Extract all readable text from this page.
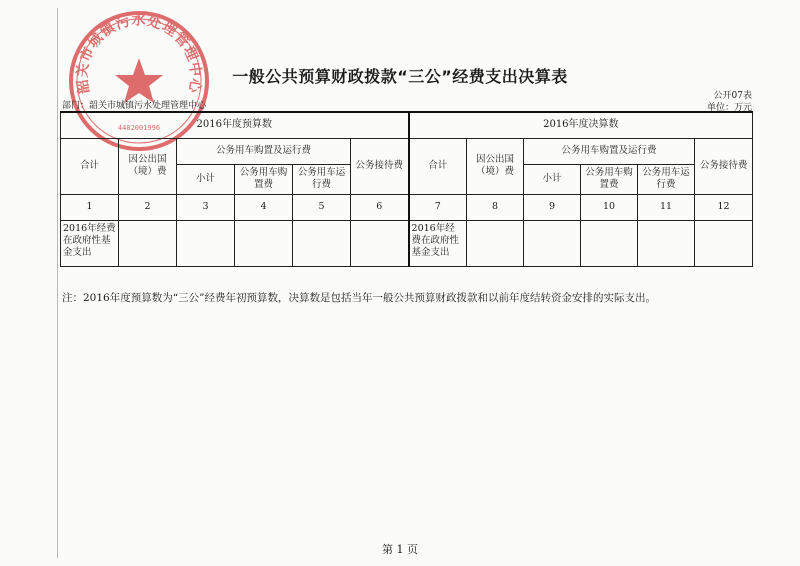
韶关市城镇污水处理管理中心
4402001996
一般公共预算财政拨款“三公”经费支出决算表
公开07表
单位：万元
部门：韶关市城镇污水处理管理中心
2016年度预算数						2016年度决算数					
合计	因公出国（境）费	公务用车购置及运行费			公务接待费	合计	因公出国（境）费	公务用车购置及运行费			公务接待费
		小计	公务用车购置费	公务用车运行费				小计	公务用车购置费	公务用车运行费	
1	2	3	4	5	6	7	8	9	10	11	12
2016年经费在政府性基金支出						2016年经费在政府性基金支出					
注：2016年度预算数为“三公”经费年初预算数，决算数是包括当年一般公共预算财政拨款和以前年度结转资金安排的实际支出。
第 1 页
